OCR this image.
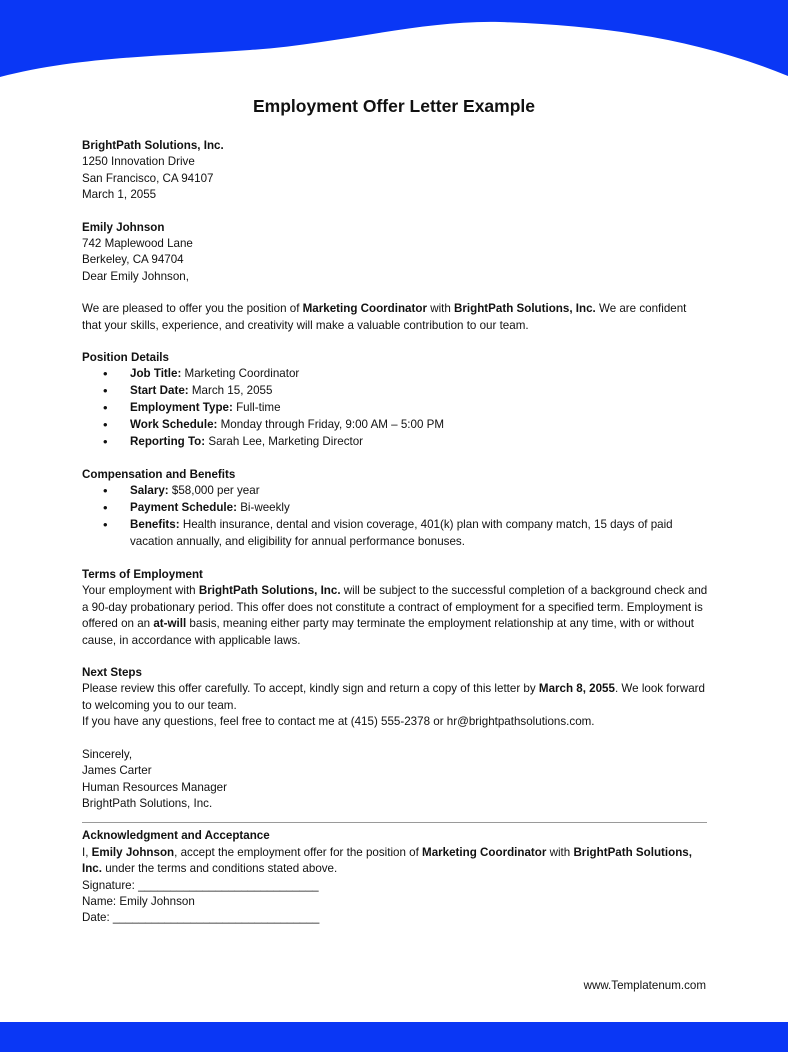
Employment Offer Letter Example
BrightPath Solutions, Inc.
1250 Innovation Drive
San Francisco, CA 94107
March 1, 2055
Emily Johnson
742 Maplewood Lane
Berkeley, CA 94704
Dear Emily Johnson,

We are pleased to offer you the position of Marketing Coordinator with BrightPath Solutions, Inc. We are confident that your skills, experience, and creativity will make a valuable contribution to our team.

Position Details
• Job Title: Marketing Coordinator
• Start Date: March 15, 2055
• Employment Type: Full-time
• Work Schedule: Monday through Friday, 9:00 AM – 5:00 PM
• Reporting To: Sarah Lee, Marketing Director
Compensation and Benefits
• Salary: $58,000 per year
• Payment Schedule: Bi-weekly
• Benefits: Health insurance, dental and vision coverage, 401(k) plan with company match, 15 days of paid vacation annually, and eligibility for annual performance bonuses.
Terms of Employment

Your employment with BrightPath Solutions, Inc. will be subject to the successful completion of a background check and a 90-day probationary period. This offer does not constitute a contract of employment for a specified term. Employment is offered on an at-will basis, meaning either party may terminate the employment relationship at any time, with or without cause, in accordance with applicable laws.

Next Steps

Please review this offer carefully. To accept, kindly sign and return a copy of this letter by March 8, 2055. We look forward to welcoming you to our team.

If you have any questions, feel free to contact me at (415) 555-2378 or hr@brightpathsolutions.com.
Sincerely,
James Carter
Human Resources Manager
BrightPath Solutions, Inc.
Acknowledgment and Acceptance

I, Emily Johnson, accept the employment offer for the position of Marketing Coordinator with BrightPath Solutions, Inc. under the terms and conditions stated above.

Signature: ____________________________
Name: Emily Johnson
Date: ________________________________
www.Templatenum.com
